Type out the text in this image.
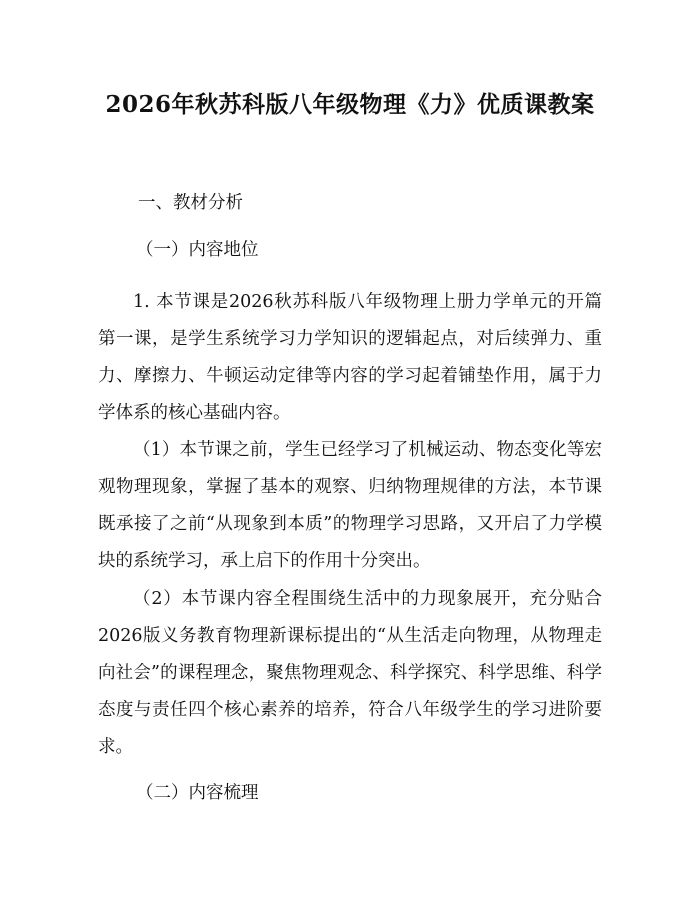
2026年秋苏科版八年级物理《力》优质课教案
一、教材分析
（一）内容地位
1. 本节课是2026秋苏科版八年级物理上册力学单元的开篇第一课，是学生系统学习力学知识的逻辑起点，对后续弹力、重力、摩擦力、牛顿运动定律等内容的学习起着铺垫作用，属于力学体系的核心基础内容。
（1）本节课之前，学生已经学习了机械运动、物态变化等宏观物理现象，掌握了基本的观察、归纳物理规律的方法，本节课既承接了之前“从现象到本质”的物理学习思路，又开启了力学模块的系统学习，承上启下的作用十分突出。
（2）本节课内容全程围绕生活中的力现象展开，充分贴合2026版义务教育物理新课标提出的“从生活走向物理，从物理走向社会”的课程理念，聚焦物理观念、科学探究、科学思维、科学态度与责任四个核心素养的培养，符合八年级学生的学习进阶要求。
（二）内容梳理
